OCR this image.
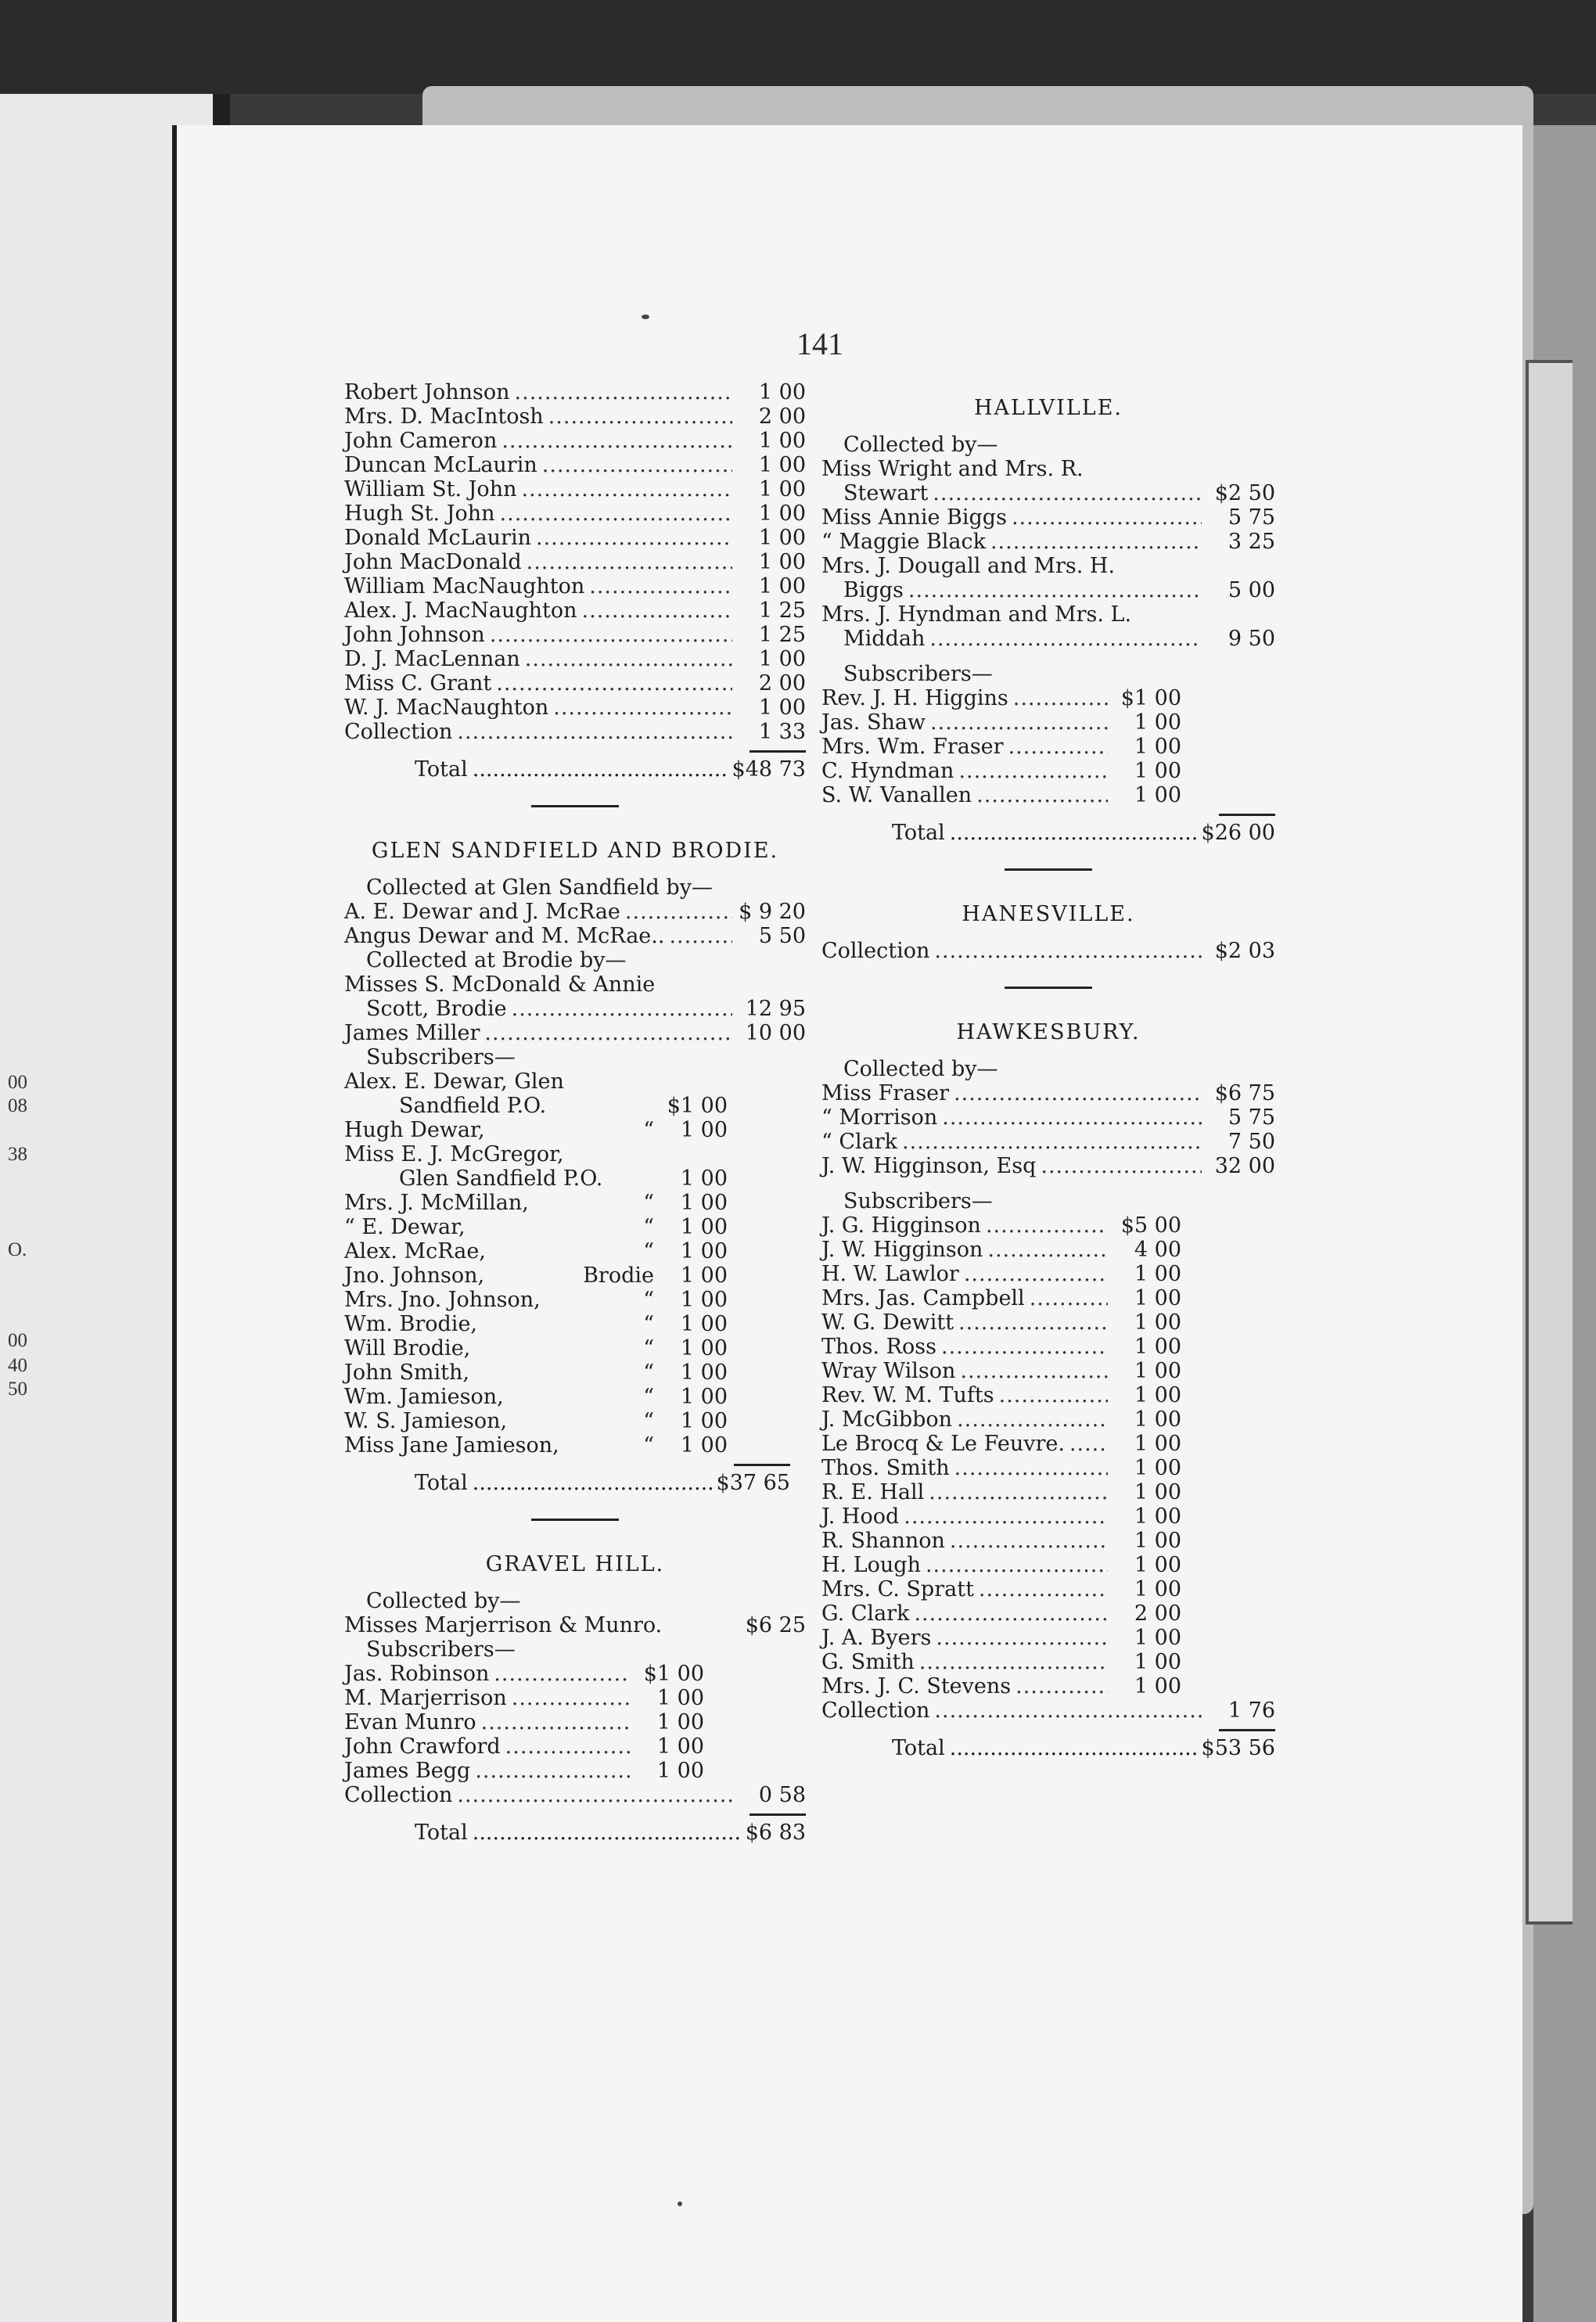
00
08
38
O.
00
40
50
141
Robert Johnson .....	1 00
Mrs. D. MacIntosh .....	2 00
John Cameron .....	1 00
Duncan McLaurin .....	1 00
William St. John .....	1 00
Hugh St. John .....	1 00
Donald McLaurin .....	1 00
John MacDonald .....	1 00
William MacNaughton .....	1 00
Alex. J. MacNaughton .....	1 25
John Johnson .....	1 25
D. J. MacLennan .....	1 00
Miss C. Grant .....	2 00
W. J. MacNaughton .....	1 00
Collection .....	1 33
Total .....	$48 73
GLEN SANDFIELD AND BRODIE.
Collected at Glen Sandfield by—
A. E. Dewar and J. McRae .....	$ 9 20
Angus Dewar and M. McRae.. .....	5 50
Collected at Brodie by—
Misses S. McDonald & Annie
Scott, Brodie .....	12 95
James Miller .....	10 00
Subscribers—
Alex. E. Dewar, Glen
Sandfield P.O.	$1 00
Hugh Dewar,	“	1 00
Miss E. J. McGregor,
Glen Sandfield P.O.	1 00
Mrs. J. McMillan,	“	1 00
“ E. Dewar,	“	1 00
Alex. McRae,	“	1 00
Jno. Johnson,	Brodie	1 00
Mrs. Jno. Johnson,	“	1 00
Wm. Brodie,	“	1 00
Will Brodie,	“	1 00
John Smith,	“	1 00
Wm. Jamieson,	“	1 00
W. S. Jamieson,	“	1 00
Miss Jane Jamieson,	“	1 00
Total .....	$37 65
GRAVEL HILL.
Collected by—
Misses Marjerrison & Munro.	$6 25
Subscribers—
Jas. Robinson .....	$1 00
M. Marjerrison .....	1 00
Evan Munro .....	1 00
John Crawford .....	1 00
James Begg .....	1 00
Collection .....	0 58
Total .....	$6 83
HALLVILLE.
Collected by—
Miss Wright and Mrs. R.
Stewart .....	$2 50
Miss Annie Biggs .....	5 75
“ Maggie Black .....	3 25
Mrs. J. Dougall and Mrs. H.
Biggs .....	5 00
Mrs. J. Hyndman and Mrs. L.
Middah .....	9 50
Subscribers—
Rev. J. H. Higgins .....	$1 00
Jas. Shaw .....	1 00
Mrs. Wm. Fraser .....	1 00
C. Hyndman .....	1 00
S. W. Vanallen .....	1 00
Total .....	$26 00
HANESVILLE.
Collection .....	$2 03
HAWKESBURY.
Collected by—
Miss Fraser .....	$6 75
“ Morrison .....	5 75
“ Clark .....	7 50
J. W. Higginson, Esq .....	32 00
Subscribers—
J. G. Higginson .....	$5 00
J. W. Higginson .....	4 00
H. W. Lawlor .....	1 00
Mrs. Jas. Campbell .....	1 00
W. G. Dewitt .....	1 00
Thos. Ross .....	1 00
Wray Wilson .....	1 00
Rev. W. M. Tufts .....	1 00
J. McGibbon .....	1 00
Le Brocq & Le Feuvre. .....	1 00
Thos. Smith .....	1 00
R. E. Hall .....	1 00
J. Hood .....	1 00
R. Shannon .....	1 00
H. Lough .....	1 00
Mrs. C. Spratt .....	1 00
G. Clark .....	2 00
J. A. Byers .....	1 00
G. Smith .....	1 00
Mrs. J. C. Stevens .....	1 00
Collection .....	1 76
Total .....	$53 56
